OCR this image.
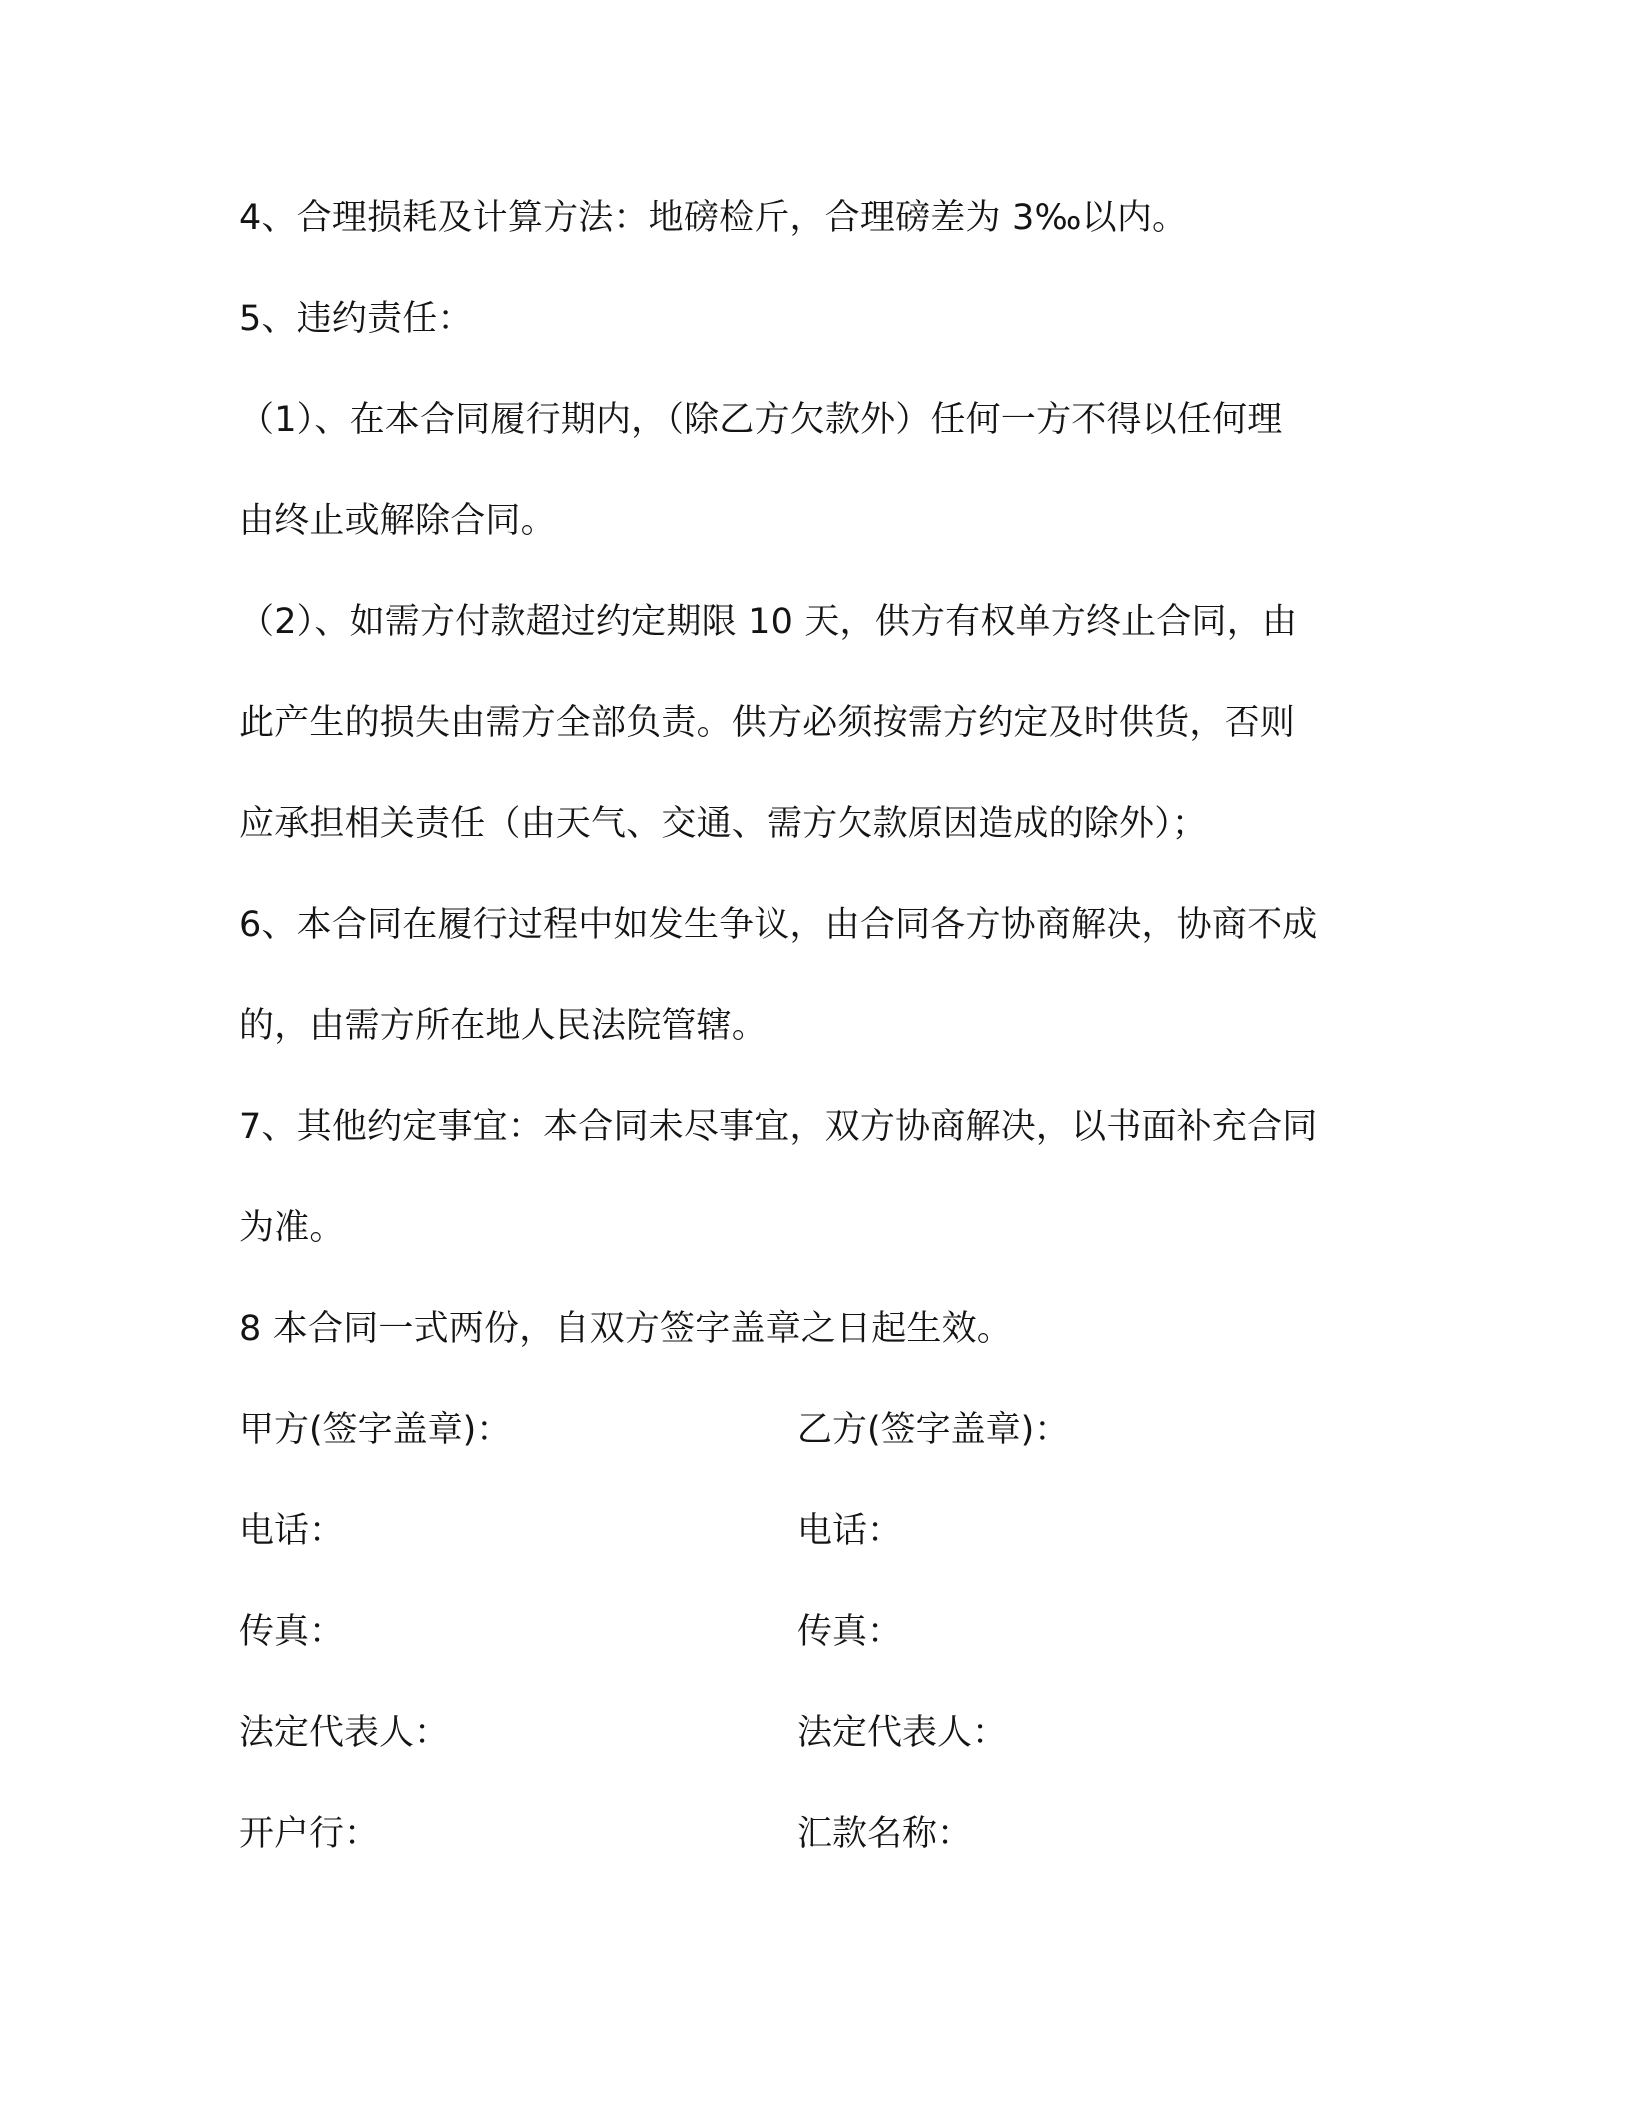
4、合理损耗及计算方法：地磅检斤，合理磅差为 3‰以内。
5、违约责任：
（1）、在本合同履行期内，（除乙方欠款外）任何一方不得以任何理
由终止或解除合同。
（2）、如需方付款超过约定期限 10 天，供方有权单方终止合同，由
此产生的损失由需方全部负责。供方必须按需方约定及时供货，否则
应承担相关责任（由天气、交通、需方欠款原因造成的除外）；
6、本合同在履行过程中如发生争议，由合同各方协商解决，协商不成
的，由需方所在地人民法院管辖。
7、其他约定事宜：本合同未尽事宜，双方协商解决，以书面补充合同
为准。
8 本合同一式两份，自双方签字盖章之日起生效。
甲方(签字盖章)：	乙方(签字盖章)：
电话：	电话：
传真：	传真：
法定代表人：	法定代表人：
开户行：	汇款名称：
